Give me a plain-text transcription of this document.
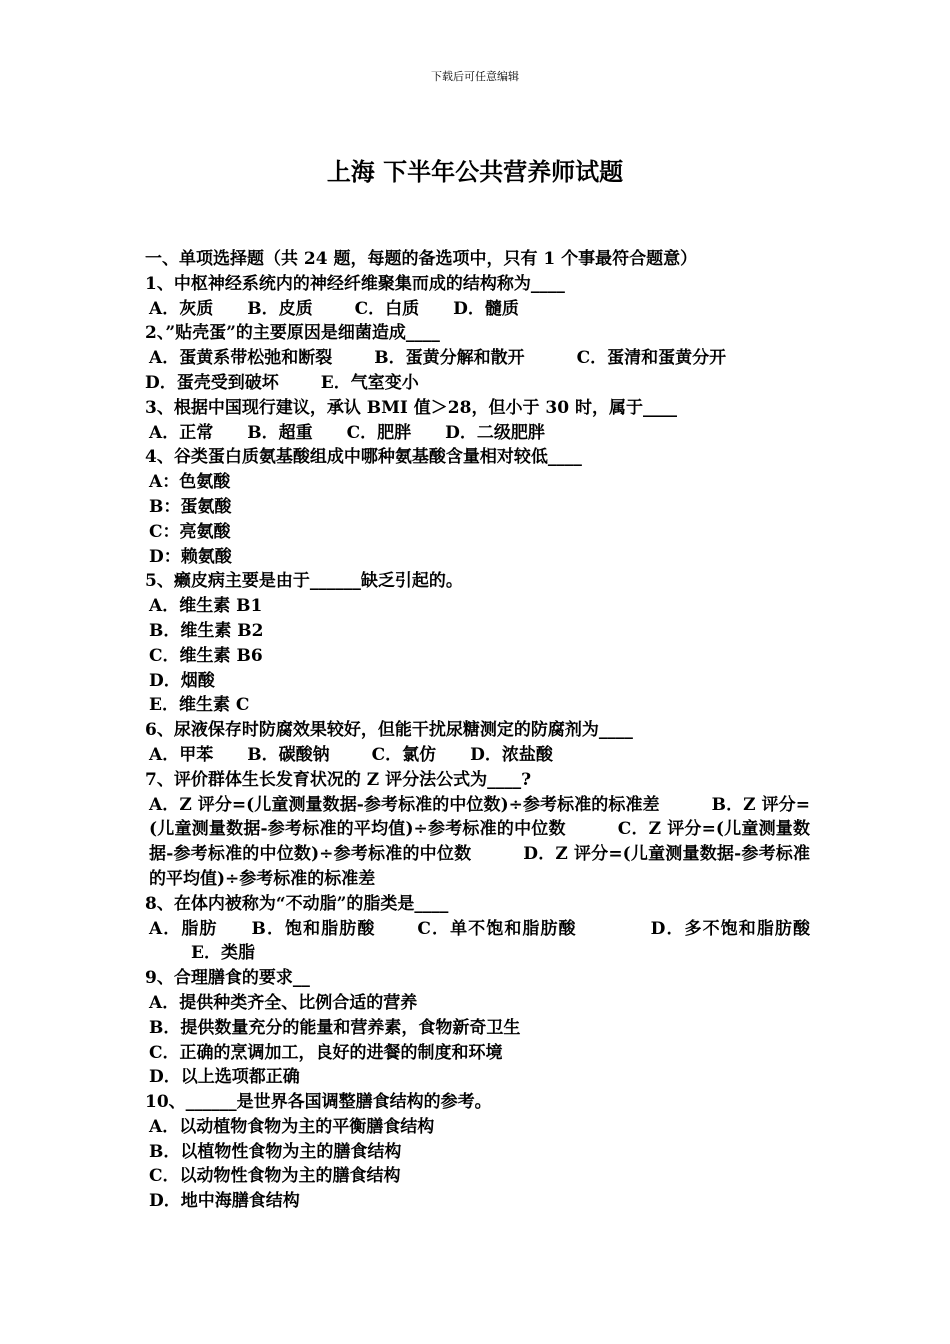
下载后可任意编辑
上海 下半年公共营养师试题
一、单项选择题（共 24 题，每题的备选项中，只有 1 个事最符合题意）
1、中枢神经系统内的神经纤维聚集而成的结构称为____
A．灰质 B．皮质 C．白质 D．髓质
2、”贴壳蛋”的主要原因是细菌造成____
A．蛋黄系带松弛和断裂 B．蛋黄分解和散开	C．蛋清和蛋黄分开
D．蛋壳受到破坏 E．气室变小
3、根据中国现行建议，承认 BMI 值＞28，但小于 30 时，属于____
A．正常 B．超重 C．肥胖 D．二级肥胖
4、谷类蛋白质氨基酸组成中哪种氨基酸含量相对较低____
A：色氨酸
B：蛋氨酸
C：亮氨酸
D：赖氨酸
5、癞皮病主要是由于______缺乏引起的。
A．维生素 B1
B．维生素 B2
C．维生素 B6
D．烟酸
E．维生素 C
6、尿液保存时防腐效果较好，但能干扰尿糖测定的防腐剂为____
A．甲苯 B．碳酸钠 C．氯仿 D．浓盐酸
7、评价群体生长发育状况的 Z 评分法公式为____?
A．Z 评分=(儿童测量数据-参考标准的中位数)÷参考标准的标准差	B．Z 评分=(儿童测量数据-参考标准的平均值)÷参考标准的中位数	C．Z 评分=(儿童测量数据-参考标准的中位数)÷参考标准的中位数	D．Z 评分=(儿童测量数据-参考标准的平均值)÷参考标准的标准差
8、在体内被称为“不动脂”的脂类是____
A．脂肪 B．饱和脂肪酸 C．单不饱和脂肪酸	D．多不饱和脂肪酸E．类脂
9、合理膳食的要求__
A．提供种类齐全、比例合适的营养
B．提供数量充分的能量和营养素，食物新奇卫生
C．正确的烹调加工，良好的进餐的制度和环境
D．以上选项都正确
10、______是世界各国调整膳食结构的参考。
A．以动植物食物为主的平衡膳食结构
B．以植物性食物为主的膳食结构
C．以动物性食物为主的膳食结构
D．地中海膳食结构
